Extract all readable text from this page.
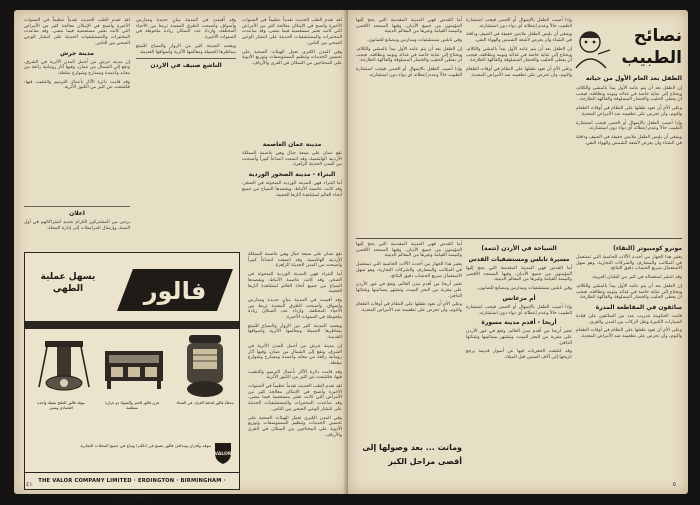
لقد تقدم الطب الحديث تقدماً عظيماً في السنوات الأخيرة وأصبح في الإمكان معالجة كثير من الأمراض التي كانت تعتبر مستعصية فيما مضى. وقد ساعدت المختبرات والمستشفيات الحديثة على انتشار الوعي الصحي بين الناس.

وفي المدن الكبرى تعمل الهيئات الصحية على تحسين الخدمات وتنظيم المستوصفات وتوزيع الأدوية على المحتاجين من السكان في القرى والأرياف.

وقد أقيمت في المدينة مبانٍ جديدة ومدارس وأسواق، وأصبحت الطرق المعبدة تربط بين الأحياء المختلفة، وازداد عدد السكان زيادة ملحوظة في السنوات الأخيرة.

ويقصد المدينة كثير من الزوار والسياح للتمتع بمناظرها الجميلة ومعالمها الأثرية وأسواقها القديمة.

الناشع صنيف في الاردن

لقد تقدم الطب الحديث تقدماً عظيماً في السنوات الأخيرة وأصبح في الإمكان معالجة كثير من الأمراض التي كانت تعتبر مستعصية فيما مضى. وقد ساعدت المختبرات والمستشفيات الحديثة على انتشار الوعي الصحي بين الناس.

مدينة جرش

إن مدينة جرش من أجمل المدن الأثرية في الشرق، وتقع إلى الشمال من عمان، وفيها آثار رومانية رائعة من معابد وأعمدة ومسارح وشوارع مبلطة.

وقد قامت دائرة الآثار بأعمال الترميم والتنقيب فيها، فكشفت عن كثير من الكنوز الأثرية.

مدينة عمان العاصمة

تقع عمان على سبعة جبال وهي عاصمة المملكة الأردنية الهاشمية، وقد اتسعت اتساعاً كبيراً وأصبحت من المدن الحديثة الزاهرة.

البتراء - مدينة الصخور الوردية

أما البتراء فهي المدينة الوردية المنحوتة في الصخر، وقد كانت عاصمة الأنباط، ويقصدها السياح من جميع أنحاء العالم لمشاهدة آثارها العجيبة.

اعلان

يرجى من المشتركين الكرام تجديد اشتراكاتهم في أول السنة، وإرسال المراسلات إلى إدارة المجلة.

فالور
يسهل عملية الطهي
موقد فالور للطبخ بفتيلة واحدة اقتصادي ومتين
فرن فالور للخبز والشواء ذو حرارة منتظمة
مدفأة فالور لتدفئة الغرف في الشتاء
موقد وأفران ومدافئ فالور تصنع في انكلترا وتباع في جميع المحلات التجارية
VALOR
THE VALOR COMPANY LIMITED · ERDINGTON · BIRMINGHAM · ENGLAND

تقع عمان على سبعة جبال وهي عاصمة المملكة الأردنية الهاشمية، وقد اتسعت اتساعاً كبيراً وأصبحت من المدن الحديثة الزاهرة.

أما البتراء فهي المدينة الوردية المنحوتة في الصخر، وقد كانت عاصمة الأنباط، ويقصدها السياح من جميع أنحاء العالم لمشاهدة آثارها العجيبة.

وقد أقيمت في المدينة مبانٍ جديدة ومدارس وأسواق، وأصبحت الطرق المعبدة تربط بين الأحياء المختلفة، وازداد عدد السكان زيادة ملحوظة في السنوات الأخيرة.

ويقصد المدينة كثير من الزوار والسياح للتمتع بمناظرها الجميلة ومعالمها الأثرية وأسواقها القديمة.

إن مدينة جرش من أجمل المدن الأثرية في الشرق، وتقع إلى الشمال من عمان، وفيها آثار رومانية رائعة من معابد وأعمدة ومسارح وشوارع مبلطة.

وقد قامت دائرة الآثار بأعمال الترميم والتنقيب فيها، فكشفت عن كثير من الكنوز الأثرية.

لقد تقدم الطب الحديث تقدماً عظيماً في السنوات الأخيرة وأصبح في الإمكان معالجة كثير من الأمراض التي كانت تعتبر مستعصية فيما مضى. وقد ساعدت المختبرات والمستشفيات الحديثة على انتشار الوعي الصحي بين الناس.

وفي المدن الكبرى تعمل الهيئات الصحية على تحسين الخدمات وتنظيم المستوصفات وتوزيع الأدوية على المحتاجين من السكان في القرى والأرياف.

٤١
نصائح
الطبيب
الطفل بعد العام الأول من حياته

إن الطفل بعد أن يتم عامه الأول يبدأ بالمشي والكلام، ويحتاج إلى عناية خاصة في غذائه ونومه ونظافته. فيجب أن يعطى الحليب والخضار المسلوقة والفاكهة الطازجة.

وعلى الأم أن تعود طفلها على النظام في أوقات الطعام والنوم، وأن تحرص على تطعيمه ضد الأمراض المعدية.

وإذا أصيب الطفل بالإسهال أو الحمى فيجب استشارة الطبيب حالاً وعدم إعطائه أي دواء دون استشارته.

وينبغي أن يلبس الطفل ملابس خفيفة في الصيف ودافئة في الشتاء وأن يعرض لأشعة الشمس والهواء النقي.

وإذا أصيب الطفل بالإسهال أو الحمى فيجب استشارة الطبيب حالاً وعدم إعطائه أي دواء دون استشارته.

وينبغي أن يلبس الطفل ملابس خفيفة في الصيف ودافئة في الشتاء وأن يعرض لأشعة الشمس والهواء النقي.

إن الطفل بعد أن يتم عامه الأول يبدأ بالمشي والكلام، ويحتاج إلى عناية خاصة في غذائه ونومه ونظافته. فيجب أن يعطى الحليب والخضار المسلوقة والفاكهة الطازجة.

وعلى الأم أن تعود طفلها على النظام في أوقات الطعام والنوم، وأن تحرص على تطعيمه ضد الأمراض المعدية.

أما القدس فهي المدينة المقدسة التي يحج إليها المؤمنون من جميع الأديان، وفيها المسجد الأقصى وكنيسة القيامة وغيرها من المعالم الدينية.

وفي نابلس مستشفيات ومدارس ومصانع للصابون.

إن الطفل بعد أن يتم عامه الأول يبدأ بالمشي والكلام، ويحتاج إلى عناية خاصة في غذائه ونومه ونظافته. فيجب أن يعطى الحليب والخضار المسلوقة والفاكهة الطازجة.

وإذا أصيب الطفل بالإسهال أو الحمى فيجب استشارة الطبيب حالاً وعدم إعطائه أي دواء دون استشارته.

مونرو كومبيوتر (النقاء)

يعتبر هذا الجهاز من أحدث الآلات الحاسبة التي تستعمل في المكاتب والمصارف والشركات التجارية، وهو سهل الاستعمال سريع الحساب دقيق النتائج.

وقد انتشر استعماله في كثير من البلدان العربية.

إن الطفل بعد أن يتم عامه الأول يبدأ بالمشي والكلام، ويحتاج إلى عناية خاصة في غذائه ونومه ونظافته. فيجب أن يعطى الحليب والخضار المسلوقة والفاكهة الطازجة.

سائقون في المقاطعة المدرة

قامت الحكومة بتدريب عدد من السائقين على قيادة السيارات الكبيرة ونقل الركاب بين المدن والقرى.

وعلى الأم أن تعود طفلها على النظام في أوقات الطعام والنوم، وأن تحرص على تطعيمه ضد الأمراض المعدية.

السياحة في الأردن (تتمة)
مسيرة تابلس ومستشفيات القدس

أما القدس فهي المدينة المقدسة التي يحج إليها المؤمنون من جميع الأديان، وفيها المسجد الأقصى وكنيسة القيامة وغيرها من المعالم الدينية.

وفي نابلس مستشفيات ومدارس ومصانع للصابون.

أم مزعانس

وإذا أصيب الطفل بالإسهال أو الحمى فيجب استشارة الطبيب حالاً وعدم إعطائه أي دواء دون استشارته.

أريحا - أقدم مدينة مسورة

تعتبر أريحا من أقدم مدن العالم، وتقع في غور الأردن على مقربة من البحر الميت، وتشتهر ببساتينها وشتائها الدافئ.

وقد كشفت الحفريات فيها عن أسوار قديمة يرجع تاريخها إلى آلاف السنين قبل الميلاد.

أما القدس فهي المدينة المقدسة التي يحج إليها المؤمنون من جميع الأديان، وفيها المسجد الأقصى وكنيسة القيامة وغيرها من المعالم الدينية.

يعتبر هذا الجهاز من أحدث الآلات الحاسبة التي تستعمل في المكاتب والمصارف والشركات التجارية، وهو سهل الاستعمال سريع الحساب دقيق النتائج.

تعتبر أريحا من أقدم مدن العالم، وتقع في غور الأردن على مقربة من البحر الميت، وتشتهر ببساتينها وشتائها الدافئ.

وعلى الأم أن تعود طفلها على النظام في أوقات الطعام والنوم، وأن تحرص على تطعيمه ضد الأمراض المعدية.

وماتت ... بعد وصولها إلى
أقصى مراحل الكبر
٥
